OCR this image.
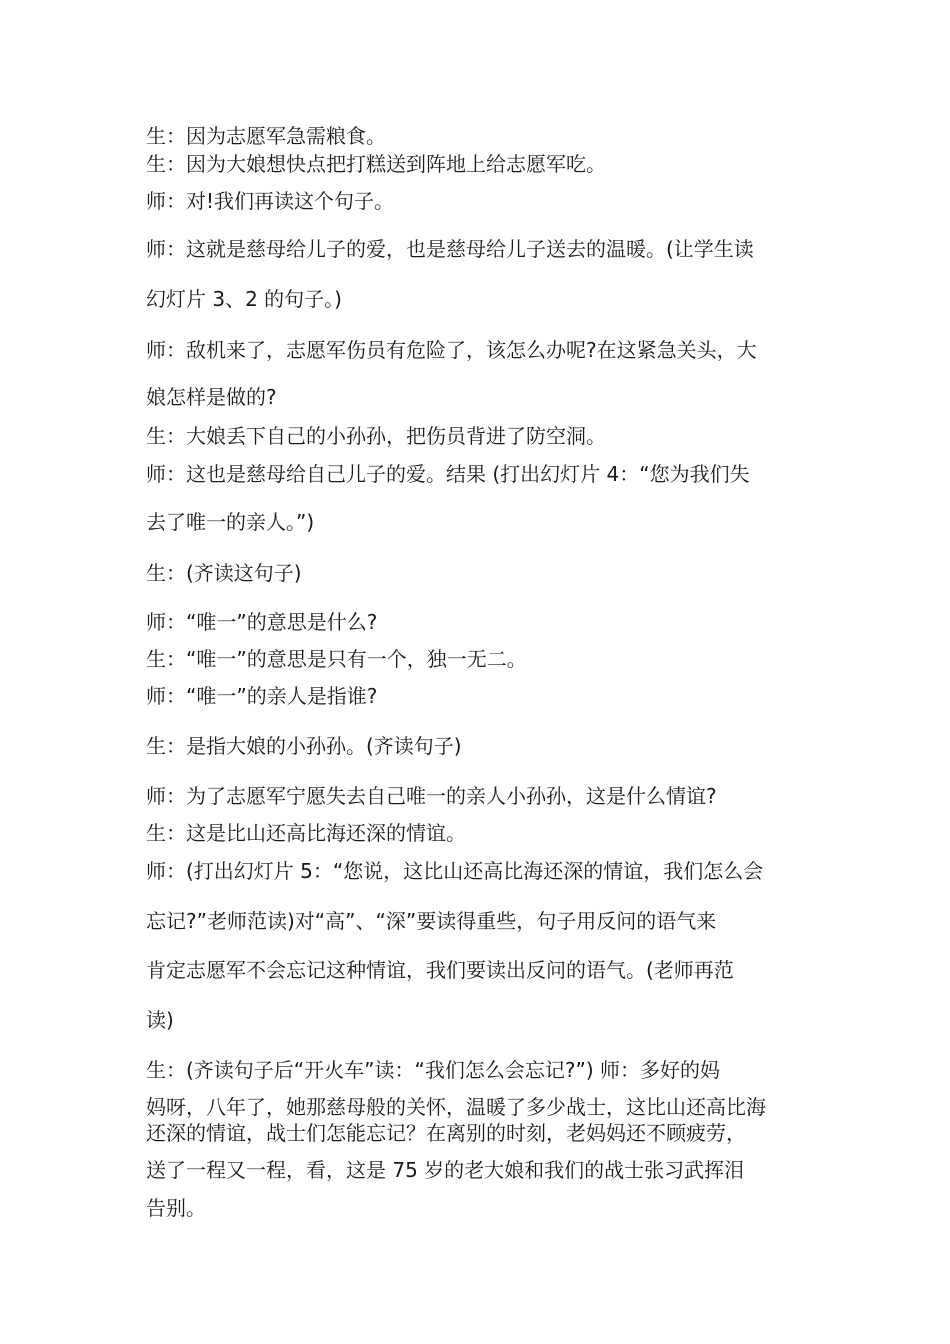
生：因为志愿军急需粮食。
生：因为大娘想快点把打糕送到阵地上给志愿军吃。
师：对!我们再读这个句子。
师：这就是慈母给儿子的爱，也是慈母给儿子送去的温暖。(让学生读
幻灯片 3、2 的句子。)
师：敌机来了，志愿军伤员有危险了，该怎么办呢?在这紧急关头，大
娘怎样是做的?
生：大娘丢下自己的小孙孙，把伤员背进了防空洞。
师：这也是慈母给自己儿子的爱。结果 (打出幻灯片 4：“您为我们失
去了唯一的亲人。”)
生：(齐读这句子)
师：“唯一”的意思是什么?
生：“唯一”的意思是只有一个，独一无二。
师：“唯一”的亲人是指谁?
生：是指大娘的小孙孙。(齐读句子)
师：为了志愿军宁愿失去自己唯一的亲人小孙孙，这是什么情谊?
生：这是比山还高比海还深的情谊。
师：(打出幻灯片 5：“您说，这比山还高比海还深的情谊，我们怎么会
忘记?”老师范读)对“高”、“深”要读得重些，句子用反问的语气来
肯定志愿军不会忘记这种情谊，我们要读出反问的语气。(老师再范
读)
生：(齐读句子后“开火车”读：“我们怎么会忘记?”) 师：多好的妈
妈呀，八年了，她那慈母般的关怀，温暖了多少战士，这比山还高比海
还深的情谊，战士们怎能忘记？在离别的时刻，老妈妈还不顾疲劳，
送了一程又一程，看，这是 75 岁的老大娘和我们的战士张习武挥泪
告别。
